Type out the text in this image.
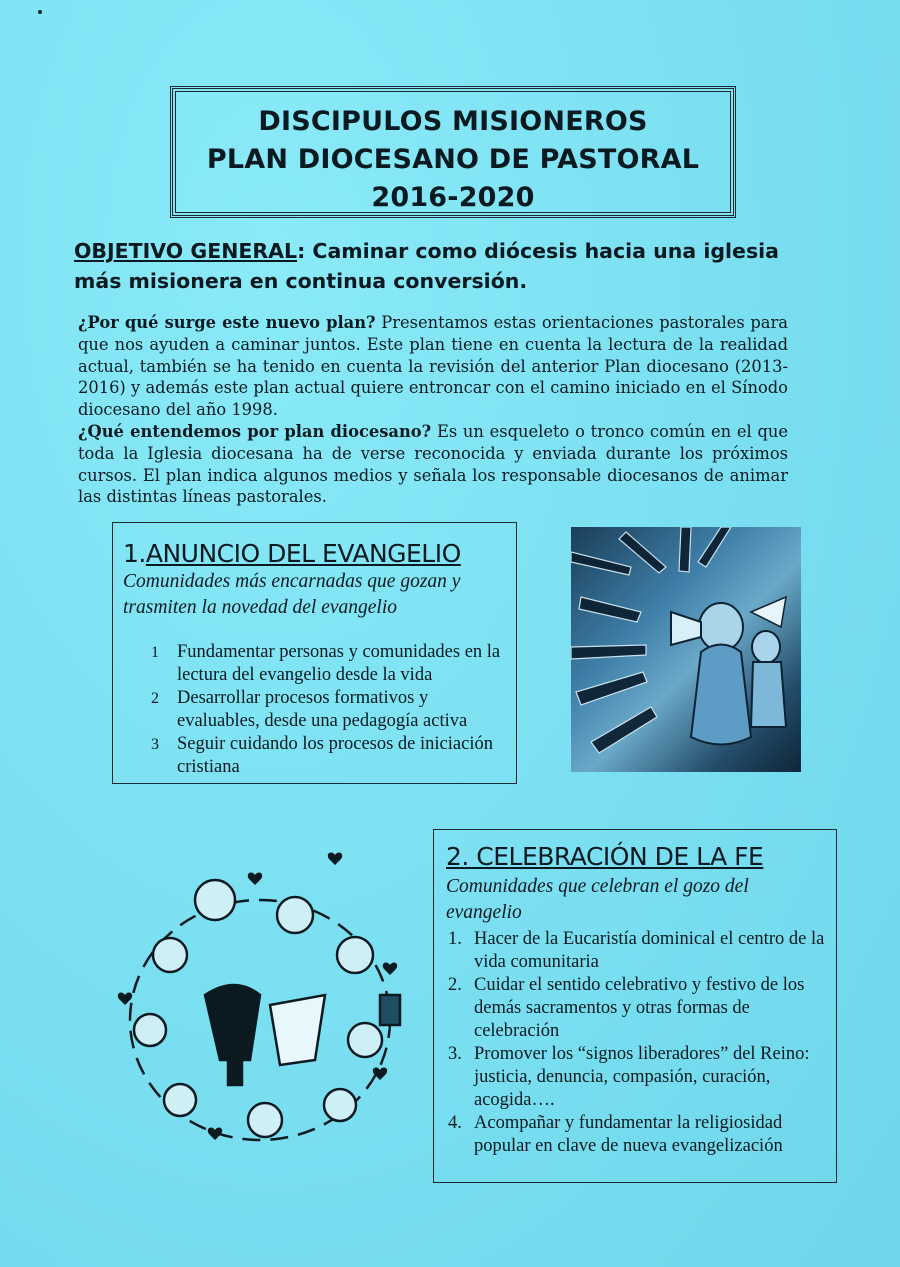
DISCIPULOS MISIONEROS
PLAN DIOCESANO DE PASTORAL
2016-2020
OBJETIVO GENERAL: Caminar como diócesis hacia una iglesia más misionera en continua conversión.
¿Por qué surge este nuevo plan? Presentamos estas orientaciones pastorales para que nos ayuden a caminar juntos. Este plan tiene en cuenta la lectura de la realidad actual, también se ha tenido en cuenta la revisión del anterior Plan diocesano (2013-2016) y además este plan actual quiere entroncar con el camino iniciado en el Sínodo diocesano del año 1998.
¿Qué entendemos por plan diocesano? Es un esqueleto o tronco común en el que toda la Iglesia diocesana ha de verse reconocida y enviada durante los próximos cursos. El plan indica algunos medios y señala los responsable diocesanos de animar las distintas líneas pastorales.
1.ANUNCIO DEL EVANGELIO
Comunidades más encarnadas que gozan y trasmiten la novedad del evangelio
1 Fundamentar personas y comunidades en la lectura del evangelio desde la vida
2 Desarrollar procesos formativos y evaluables, desde una pedagogía activa
3 Seguir cuidando los procesos de iniciación cristiana
2. CELEBRACIÓN DE LA FE
Comunidades que celebran el gozo del evangelio
1. Hacer de la Eucaristía dominical el centro de la vida comunitaria
2. Cuidar el sentido celebrativo y festivo de los demás sacramentos y otras formas de celebración
3. Promover los “signos liberadores” del Reino: justicia, denuncia, compasión, curación, acogida….
4. Acompañar y fundamentar la religiosidad popular en clave de nueva evangelización
